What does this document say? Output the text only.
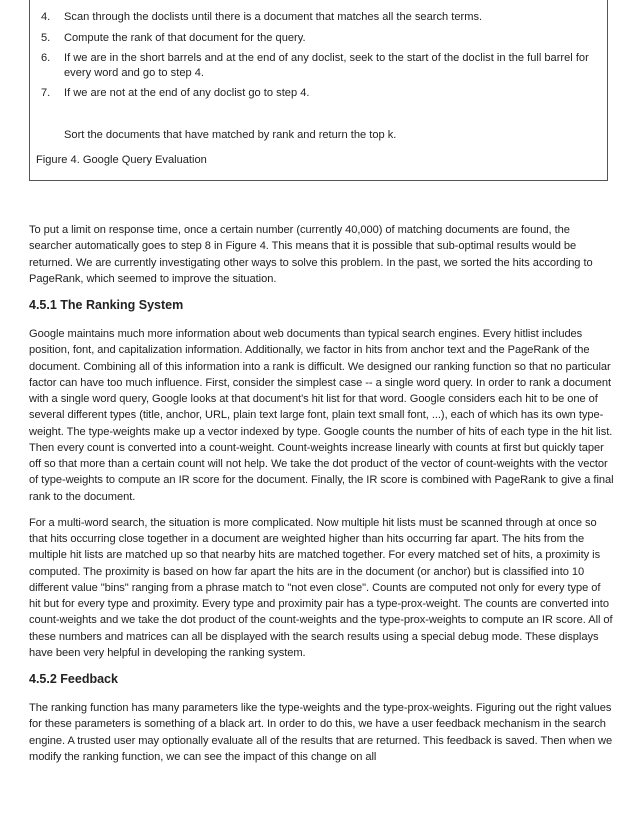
4. Scan through the doclists until there is a document that matches all the search terms.
5. Compute the rank of that document for the query.
6. If we are in the short barrels and at the end of any doclist, seek to the start of the doclist in the full barrel for every word and go to step 4.
7. If we are not at the end of any doclist go to step 4.
Sort the documents that have matched by rank and return the top k.
Figure 4. Google Query Evaluation

To put a limit on response time, once a certain number (currently 40,000) of matching documents are found, the searcher automatically goes to step 8 in Figure 4. This means that it is possible that sub-optimal results would be returned. We are currently investigating other ways to solve this problem. In the past, we sorted the hits according to PageRank, which seemed to improve the situation.

4.5.1 The Ranking System

Google maintains much more information about web documents than typical search engines. Every hitlist includes position, font, and capitalization information. Additionally, we factor in hits from anchor text and the PageRank of the document. Combining all of this information into a rank is difficult. We designed our ranking function so that no particular factor can have too much influence. First, consider the simplest case -- a single word query. In order to rank a document with a single word query, Google looks at that document's hit list for that word. Google considers each hit to be one of several different types (title, anchor, URL, plain text large font, plain text small font, ...), each of which has its own type-weight. The type-weights make up a vector indexed by type. Google counts the number of hits of each type in the hit list. Then every count is converted into a count-weight. Count-weights increase linearly with counts at first but quickly taper off so that more than a certain count will not help. We take the dot product of the vector of count-weights with the vector of type-weights to compute an IR score for the document. Finally, the IR score is combined with PageRank to give a final rank to the document.

For a multi-word search, the situation is more complicated. Now multiple hit lists must be scanned through at once so that hits occurring close together in a document are weighted higher than hits occurring far apart. The hits from the multiple hit lists are matched up so that nearby hits are matched together. For every matched set of hits, a proximity is computed. The proximity is based on how far apart the hits are in the document (or anchor) but is classified into 10 different value "bins" ranging from a phrase match to "not even close". Counts are computed not only for every type of hit but for every type and proximity. Every type and proximity pair has a type-prox-weight. The counts are converted into count-weights and we take the dot product of the count-weights and the type-prox-weights to compute an IR score. All of these numbers and matrices can all be displayed with the search results using a special debug mode. These displays have been very helpful in developing the ranking system.

4.5.2 Feedback

The ranking function has many parameters like the type-weights and the type-prox-weights. Figuring out the right values for these parameters is something of a black art. In order to do this, we have a user feedback mechanism in the search engine. A trusted user may optionally evaluate all of the results that are returned. This feedback is saved. Then when we modify the ranking function, we can see the impact of this change on all
